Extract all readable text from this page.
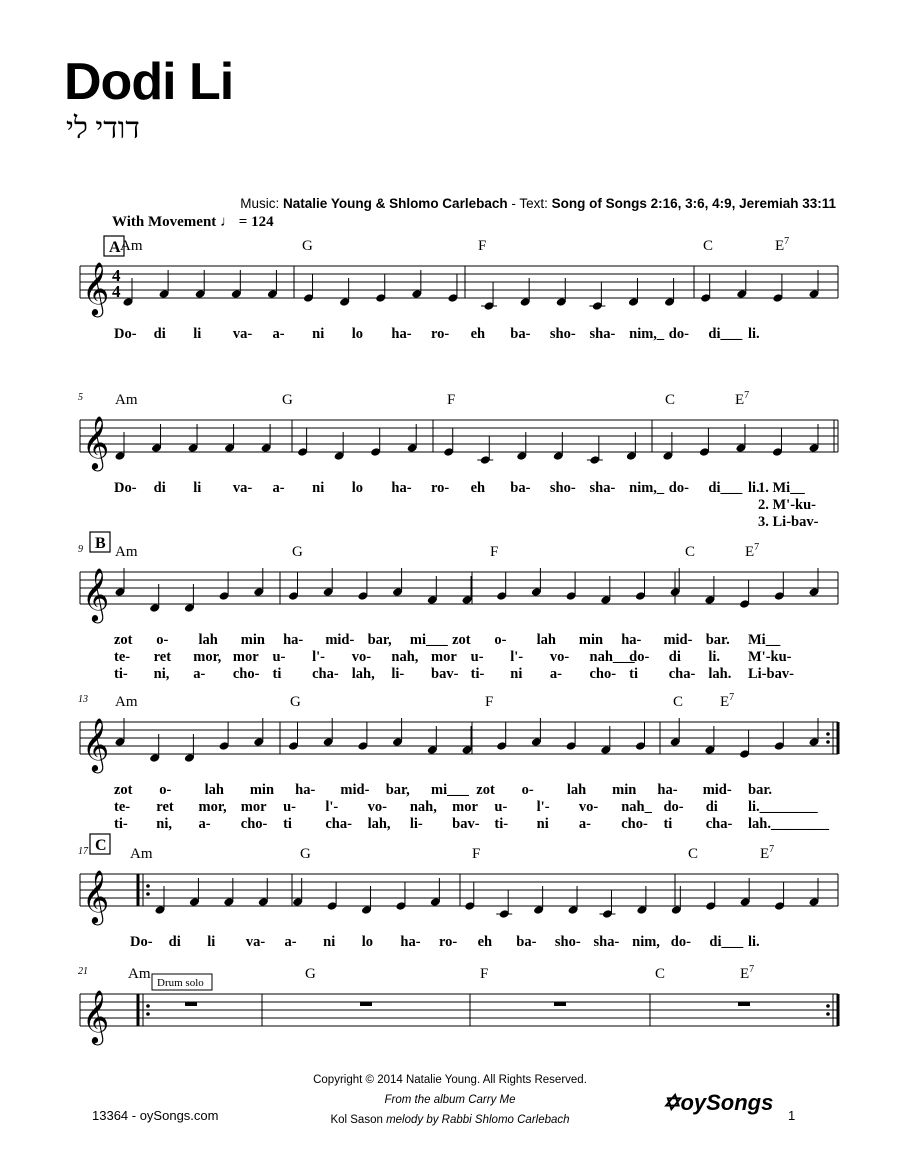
Dodi Li
דודי לי
Music: Natalie Young & Shlomo Carlebach - Text: Song of Songs 2:16, 3:6, 4:9, Jeremiah 33:11
With Movement ♩ = 124
𝄞 4
4
A Am	G	F	C	$E^7$
Do- di li va- a- ni lo ha- ro- eh ba- sho- sha- nim,_ do- di___ li.
𝄞
5 Am	G	F	C	$E^7$
Do- di li va- a- ni lo ha- ro- eh ba- sho- sha- nim,_ do- di___ li.
1. Mi__
2. M'-ku-
3. Li-bav-
𝄞
9 B Am	G	F	C	$E^7$
zot o- lah min ha- mid- bar, mi___ zot o- lah min ha- mid- bar. Mi__
te- ret mor, mor u- l'- vo- nah, mor u- l'- vo- nah___
do- di li. M'-ku-
ti- ni, a- cho- ti cha- lah, li- bav- ti- ni a- cho- ti cha- lah. Li-bav-
𝄞
13 Am	G	F	C $E^7$
zot o- lah min ha- mid- bar, mi___ zot o- lah min ha- mid- bar.
te- ret mor, mor u- l'- vo- nah, mor u- l'- vo- nah_ do- di li.________
ti- ni, a- cho- ti cha- lah, li- bav- ti- ni a- cho- ti cha- lah.________
𝄞
17 C Am	G	F	C	$E^7$
Do- di li va- a- ni lo ha- ro- eh ba- sho- sha- nim, do- di___ li.
𝄞
21	Am	G	F	C	$E^7$
Drum solo
Copyright © 2014 Natalie Young. All Rights Reserved.
From the album Carry Me
Kol Sason melody by Rabbi Shlomo Carlebach
13364 - oySongs.com
✡oySongs
1
